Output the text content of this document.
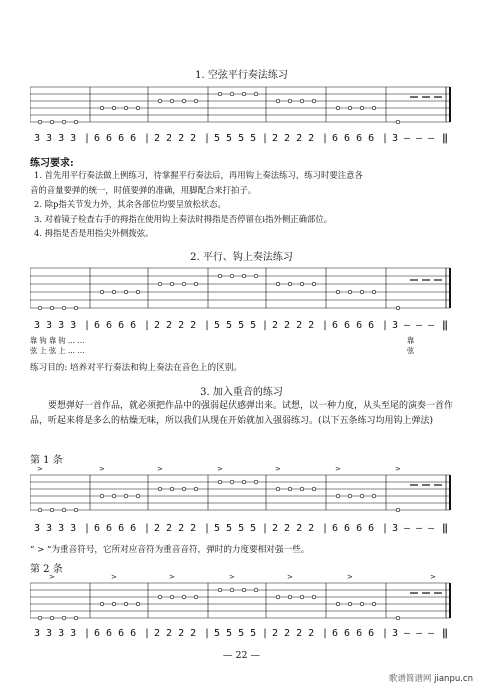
1. 空弦平行奏法练习
3 3 3 3 | 6 6 6 6 | 2 2 2 2 | 5 5 5 5 | 2 2 2 2 | 6 6 6 6 | 3 – – – ‖
练习要求:

1. 首先用平行奏法做上例练习，待掌握平行奏法后，再用钩上奏法练习，练习时要注意各

音的音量要弹的统一，时值要弹的准确，用脚配合来打拍子。

2. 除p指关节发力外，其余各部位均要呈放松状态。

3. 对着镜子检查右手的拇指在使用钩上奏法时拇指是否停留在i指外侧正确部位。

4. 拇指是否是用指尖外侧拨弦。

2. 平行、钩上奏法练习
3 3 3 3 | 6 6 6 6 | 2 2 2 2 | 5 5 5 5 | 2 2 2 2 | 6 6 6 6 | 3 – – – ‖
靠 钩 靠 钩 … …
弦 上 弦 上 … …
靠
弦
练习目的: 培养对平行奏法和钩上奏法在音色上的区别。
3. 加入重音的练习
要想弹好一首作品，就必须把作品中的强弱起伏感弹出来。试想，以一种力度，从头至尾的演奏一首作品，听起来将是多么的枯燥无味，所以我们从现在开始就加入强弱练习。(以下五条练习均用钩上弹法)
第 1 条
>	>	>	>	>	>	>
3 3 3 3 | 6 6 6 6 | 2 2 2 2 | 5 5 5 5 | 2 2 2 2 | 6 6 6 6 | 3 – – – ‖
“ > ”为重音符号，它所对应音符为重音音符，弹时的力度要相对强一些。
第 2 条
>	>	>	>	>	>	>
3 3 3 3 | 6 6 6 6 | 2 2 2 2 | 5 5 5 5 | 2 2 2 2 | 6 6 6 6 | 3 – – – ‖
— 22 —
歌谱简谱网 jianpu.cn
